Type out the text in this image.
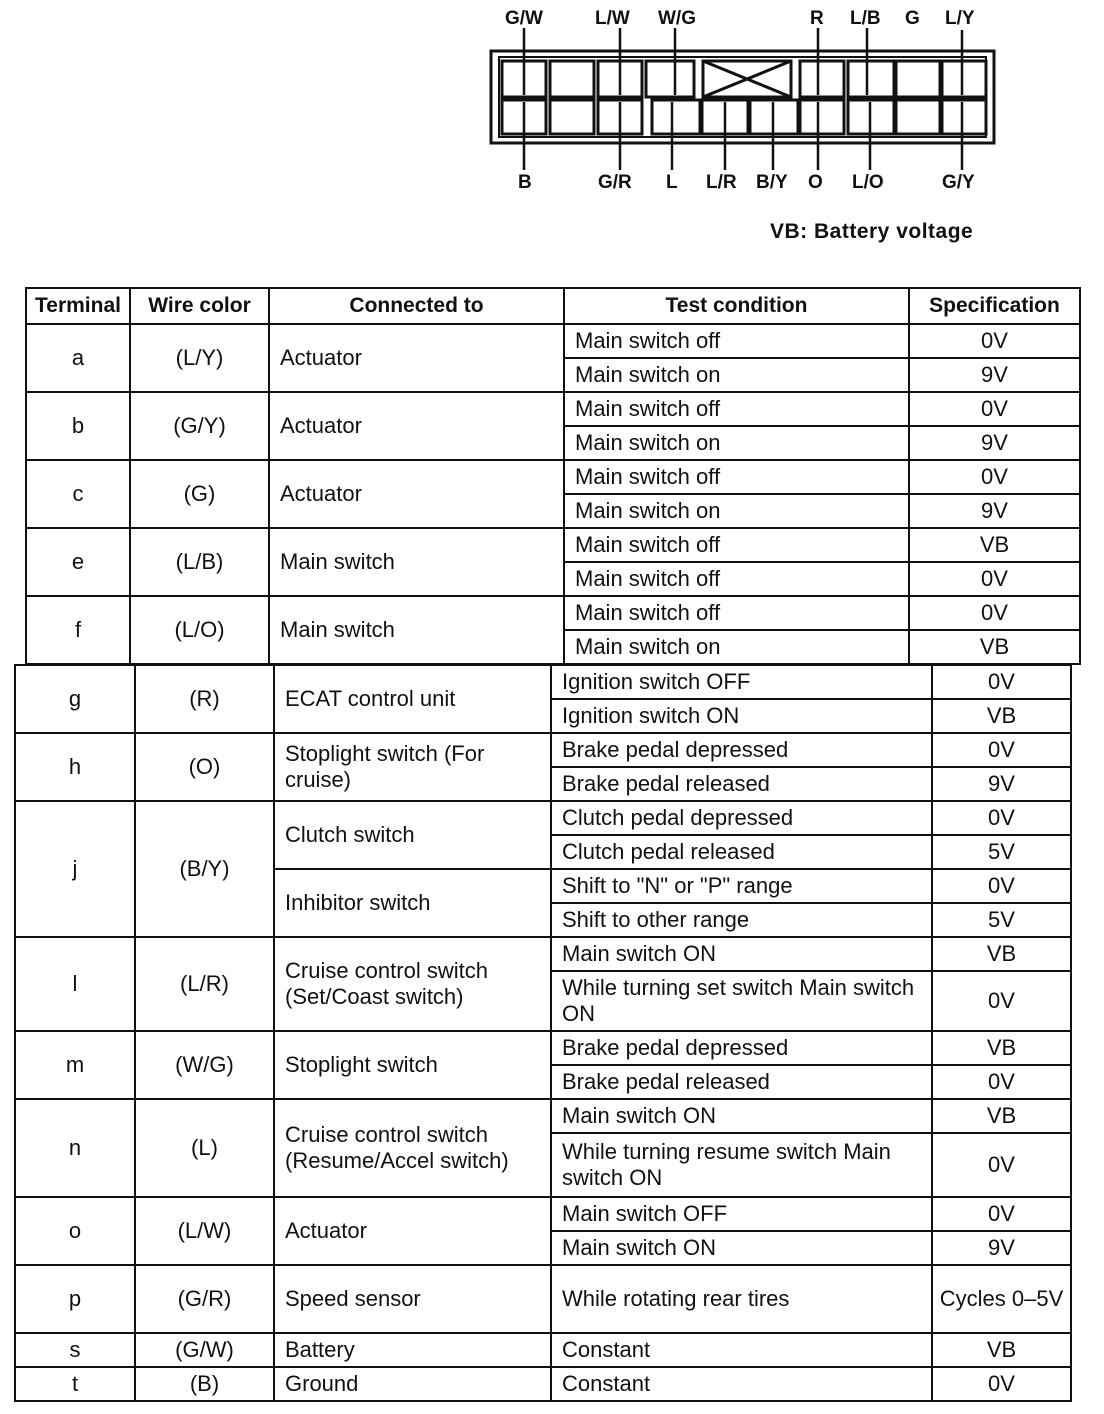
G/W	L/W W/G	R L/B G L/Y
B	G/R L L/R B/Y O L/O	G/Y
VB: Battery voltage
Terminal	Wire color	Connected to	Test condition	Specification
a	(L/Y)	Actuator	Main switch off	0V
			Main switch on	9V
b	(G/Y)	Actuator	Main switch off	0V
			Main switch on	9V
c	(G)	Actuator	Main switch off	0V
			Main switch on	9V
e	(L/B)	Main switch	Main switch off	VB
			Main switch off	0V
f	(L/O)	Main switch	Main switch off	0V
			Main switch on	VB
g	(R)	ECAT control unit	Ignition switch OFF	0V
			Ignition switch ON	VB
h	(O)	Stoplight switch (For cruise)	Brake pedal depressed	0V
			Brake pedal released	9V
j	(B/Y)	Clutch switch	Clutch pedal depressed	0V
			Clutch pedal released	5V
		Inhibitor switch	Shift to "N" or "P" range	0V
			Shift to other range	5V
l	(L/R)	Cruise control switch (Set/Coast switch)	Main switch ON	VB
			While turning set switch Main switch ON	0V
m	(W/G)	Stoplight switch	Brake pedal depressed	VB
			Brake pedal released	0V
n	(L)	Cruise control switch (Resume/Accel switch)	Main switch ON	VB
			While turning resume switch Main switch ON	0V
o	(L/W)	Actuator	Main switch OFF	0V
			Main switch ON	9V
p	(G/R)	Speed sensor	While rotating rear tires	Cycles 0–5V
s	(G/W)	Battery	Constant	VB
t	(B)	Ground	Constant	0V
